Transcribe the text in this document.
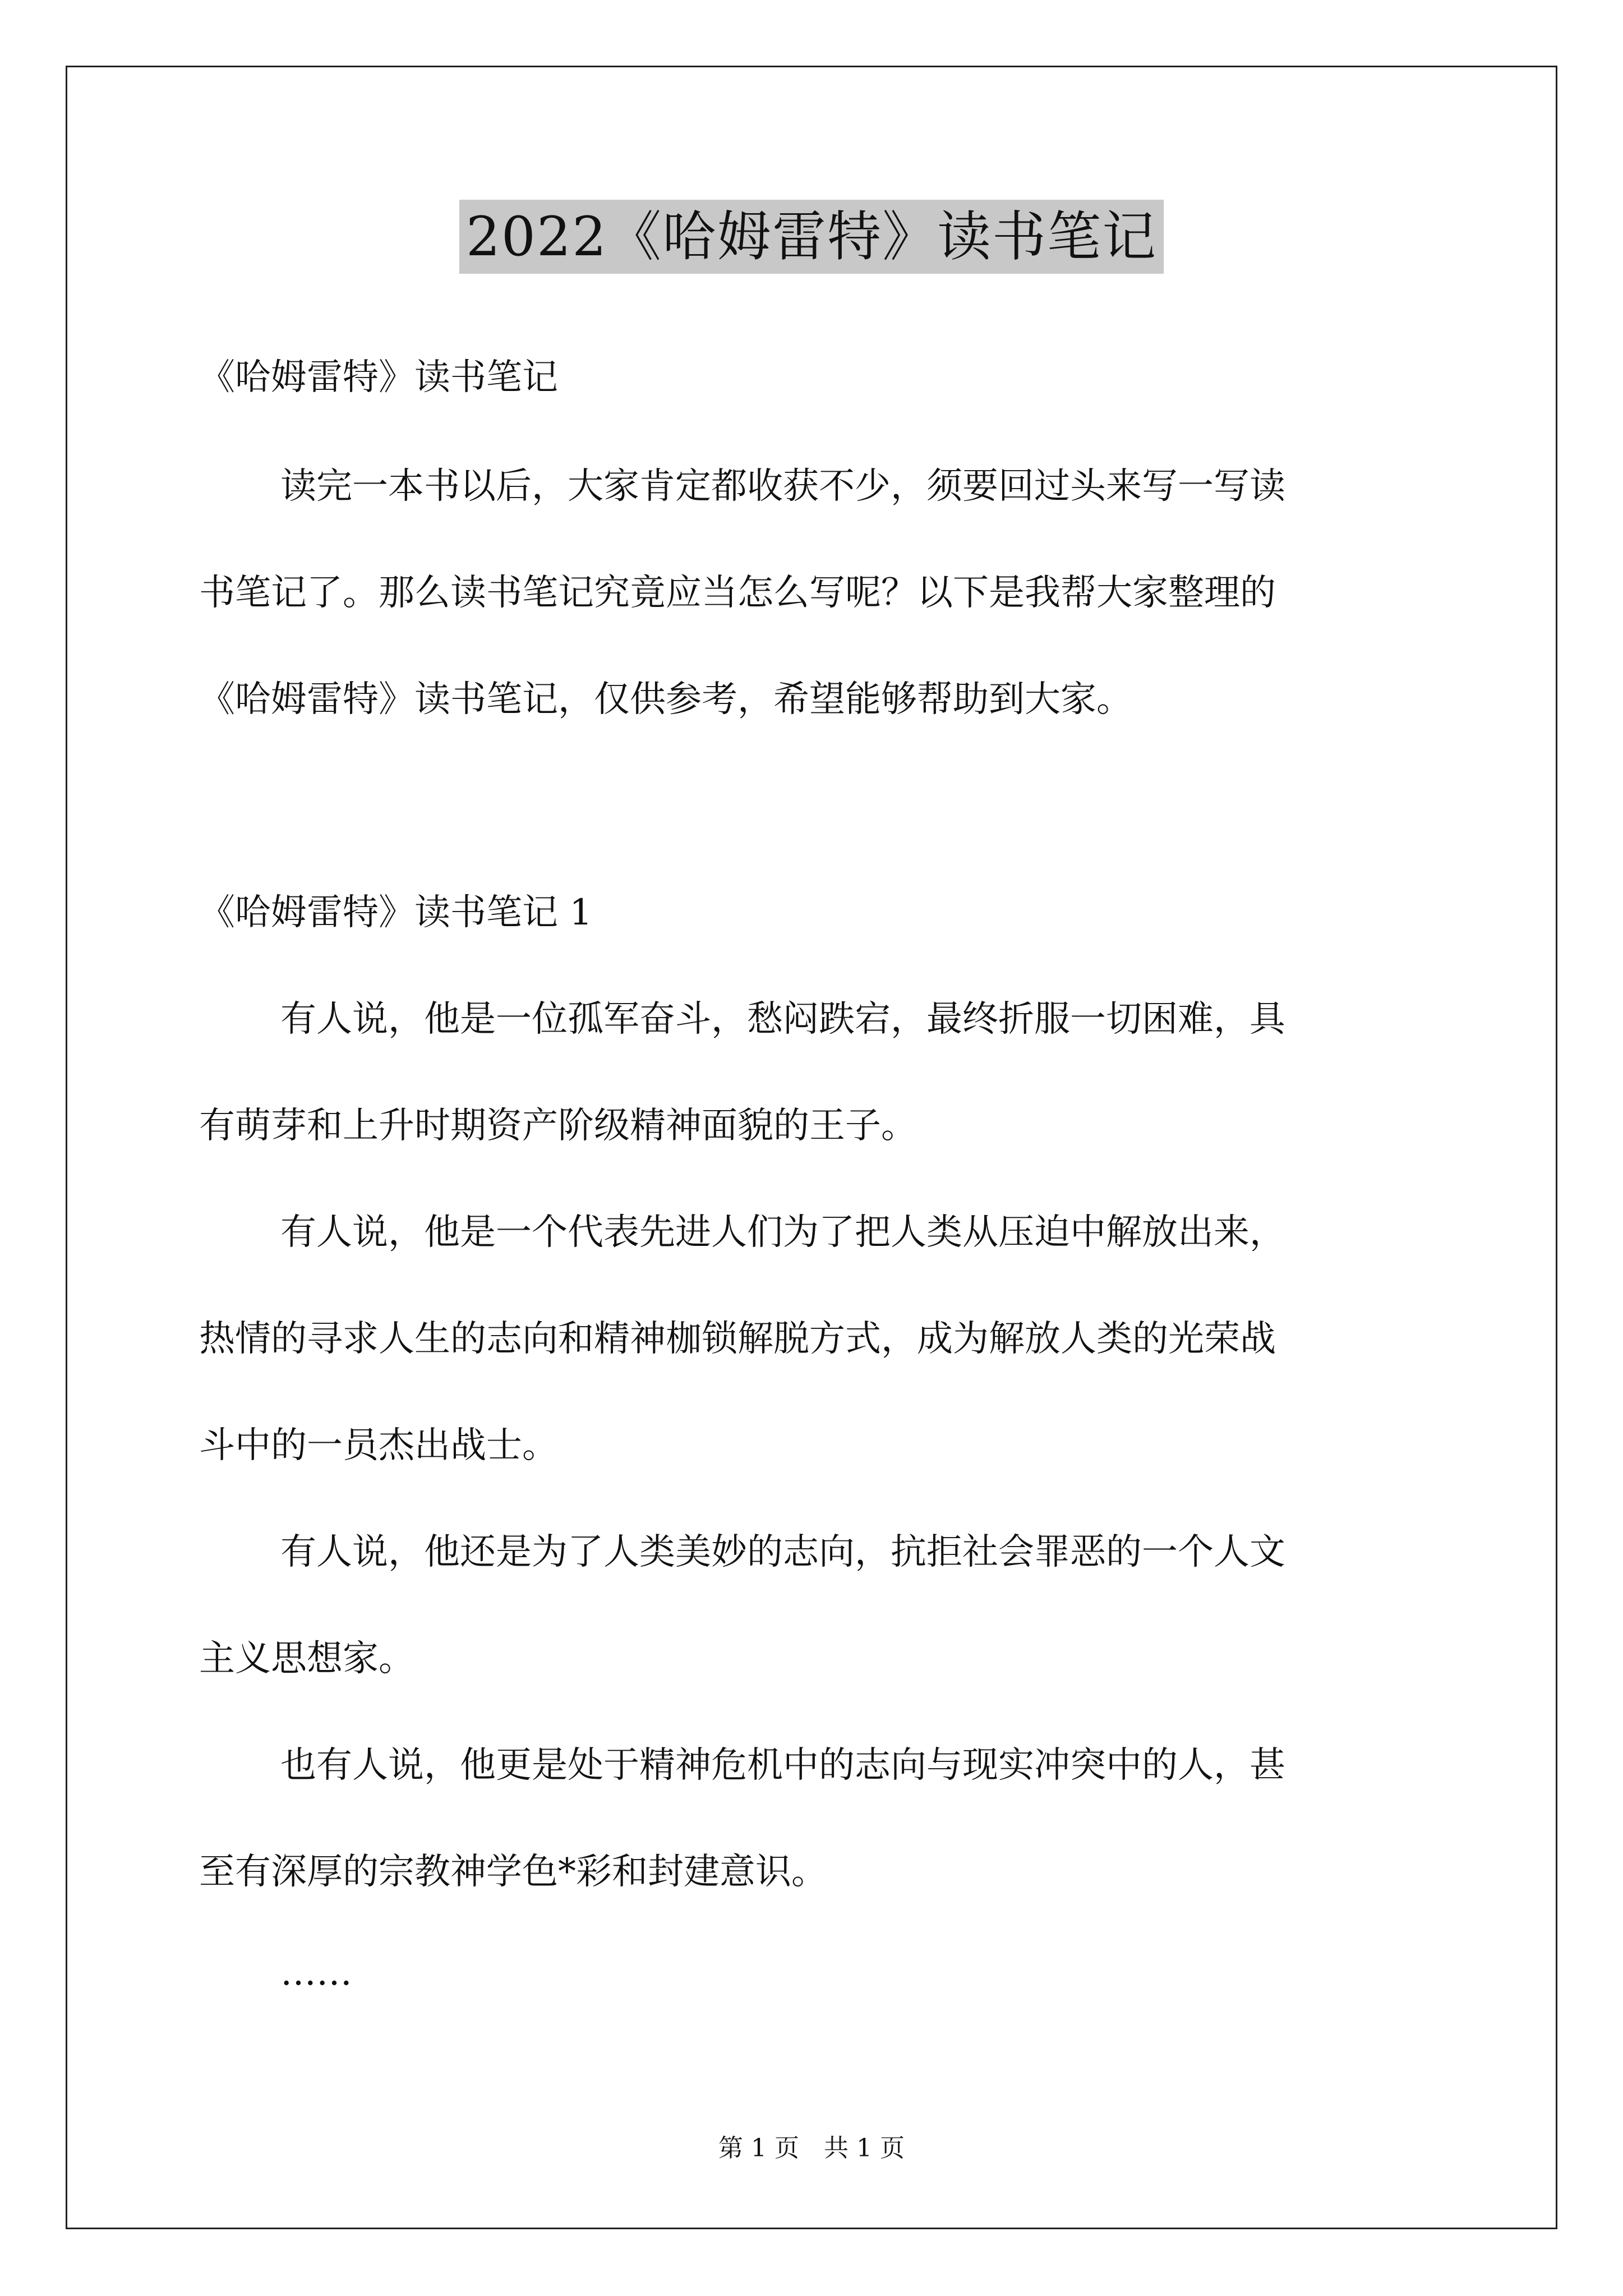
2022《哈姆雷特》读书笔记
《哈姆雷特》读书笔记
读完一本书以后，大家肯定都收获不少，须要回过头来写一写读
书笔记了。那么读书笔记究竟应当怎么写呢？以下是我帮大家整理的
《哈姆雷特》读书笔记，仅供参考，希望能够帮助到大家。
《哈姆雷特》读书笔记 1
有人说，他是一位孤军奋斗，愁闷跌宕，最终折服一切困难，具
有萌芽和上升时期资产阶级精神面貌的王子。
有人说，他是一个代表先进人们为了把人类从压迫中解放出来，
热情的寻求人生的志向和精神枷锁解脱方式，成为解放人类的光荣战
斗中的一员杰出战士。
有人说，他还是为了人类美妙的志向，抗拒社会罪恶的一个人文
主义思想家。
也有人说，他更是处于精神危机中的志向与现实冲突中的人，甚
至有深厚的宗教神学色*彩和封建意识。
……
第 1 页　共 1 页
